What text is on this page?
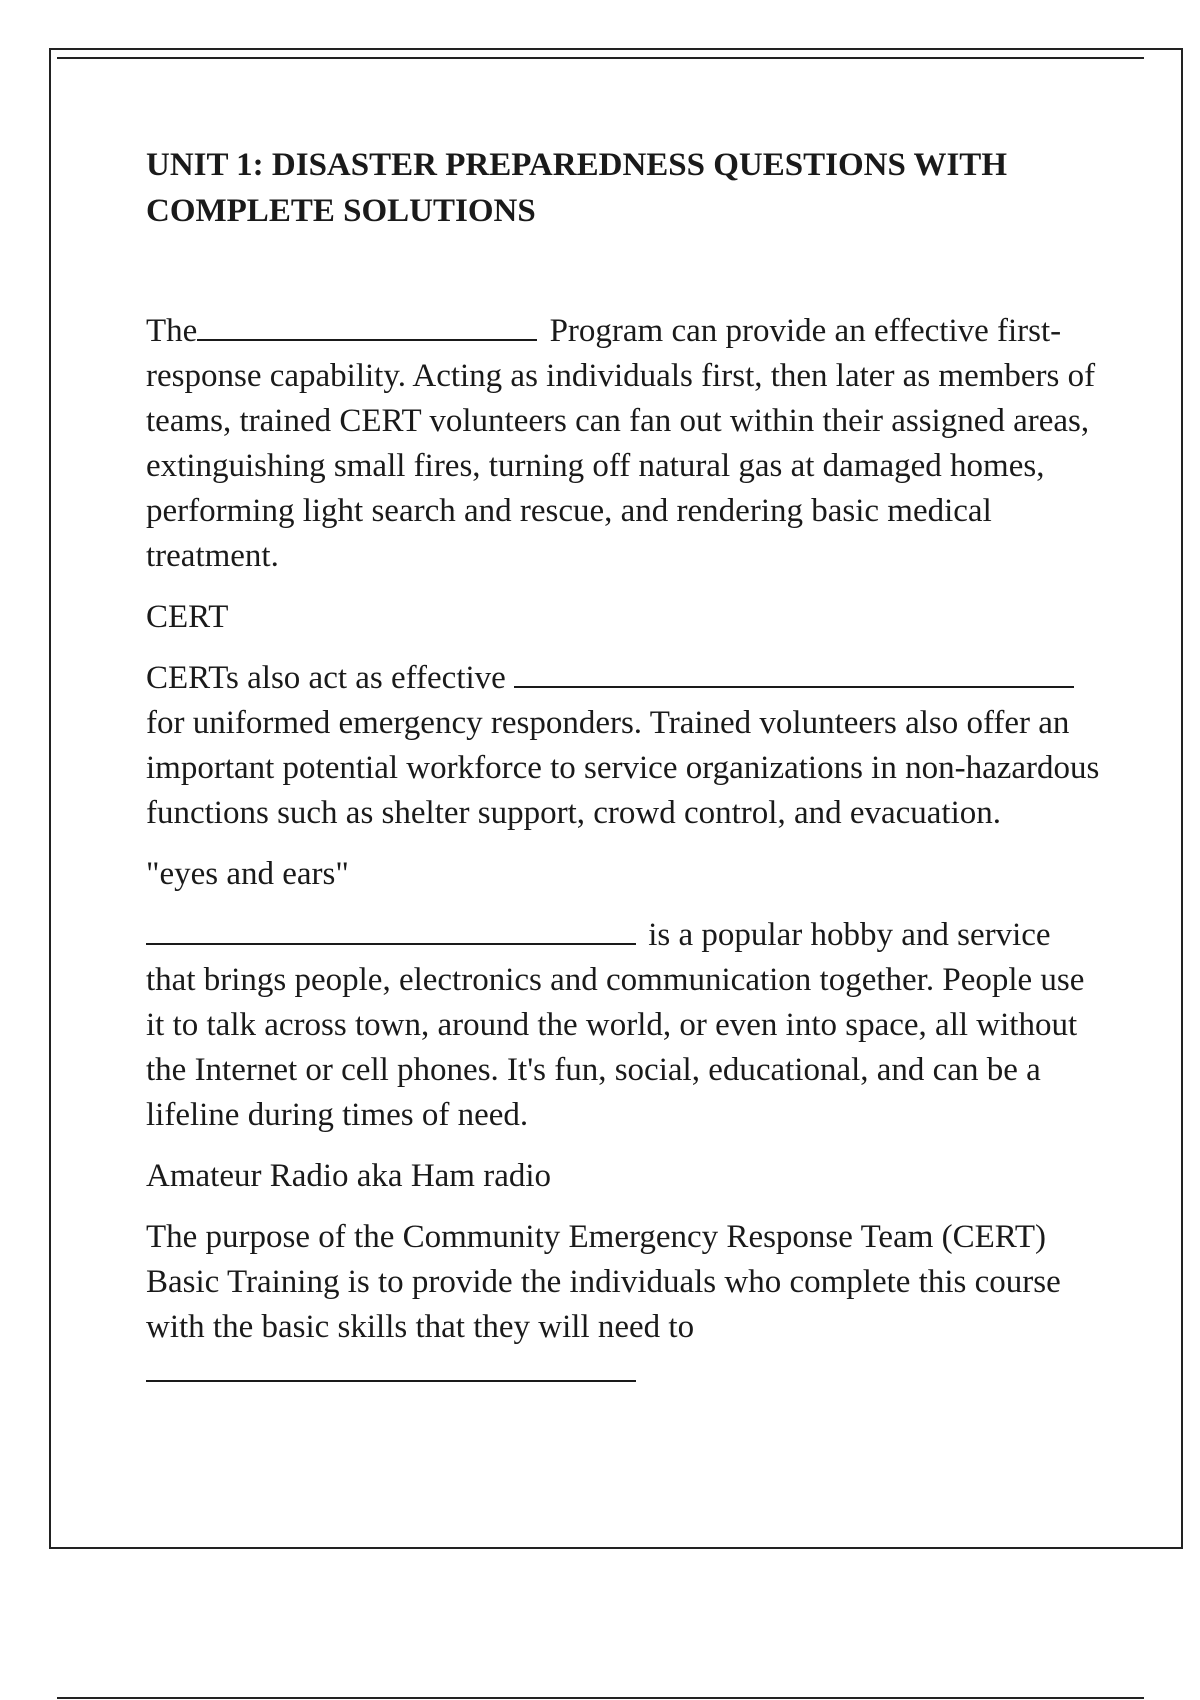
UNIT 1: DISASTER PREPAREDNESS QUESTIONS WITH COMPLETE SOLUTIONS

The	Program can provide an effective first-response capability. Acting as individuals first, then later as members of teams, trained CERT volunteers can fan out within their assigned areas, extinguishing small fires, turning off natural gas at damaged homes, performing light search and rescue, and rendering basic medical treatment.

CERT

CERTs also act as effective  for uniformed emergency responders. Trained volunteers also offer an important potential workforce to service organizations in non-hazardous functions such as shelter support, crowd control, and evacuation.

"eyes and ears"

is a popular hobby and service that brings people, electronics and communication together. People use it to talk across town, around the world, or even into space, all without the Internet or cell phones. It's fun, social, educational, and can be a lifeline during times of need.

Amateur Radio aka Ham radio

The purpose of the Community Emergency Response Team (CERT) Basic Training is to provide the individuals who complete this course with the basic skills that they will need to
